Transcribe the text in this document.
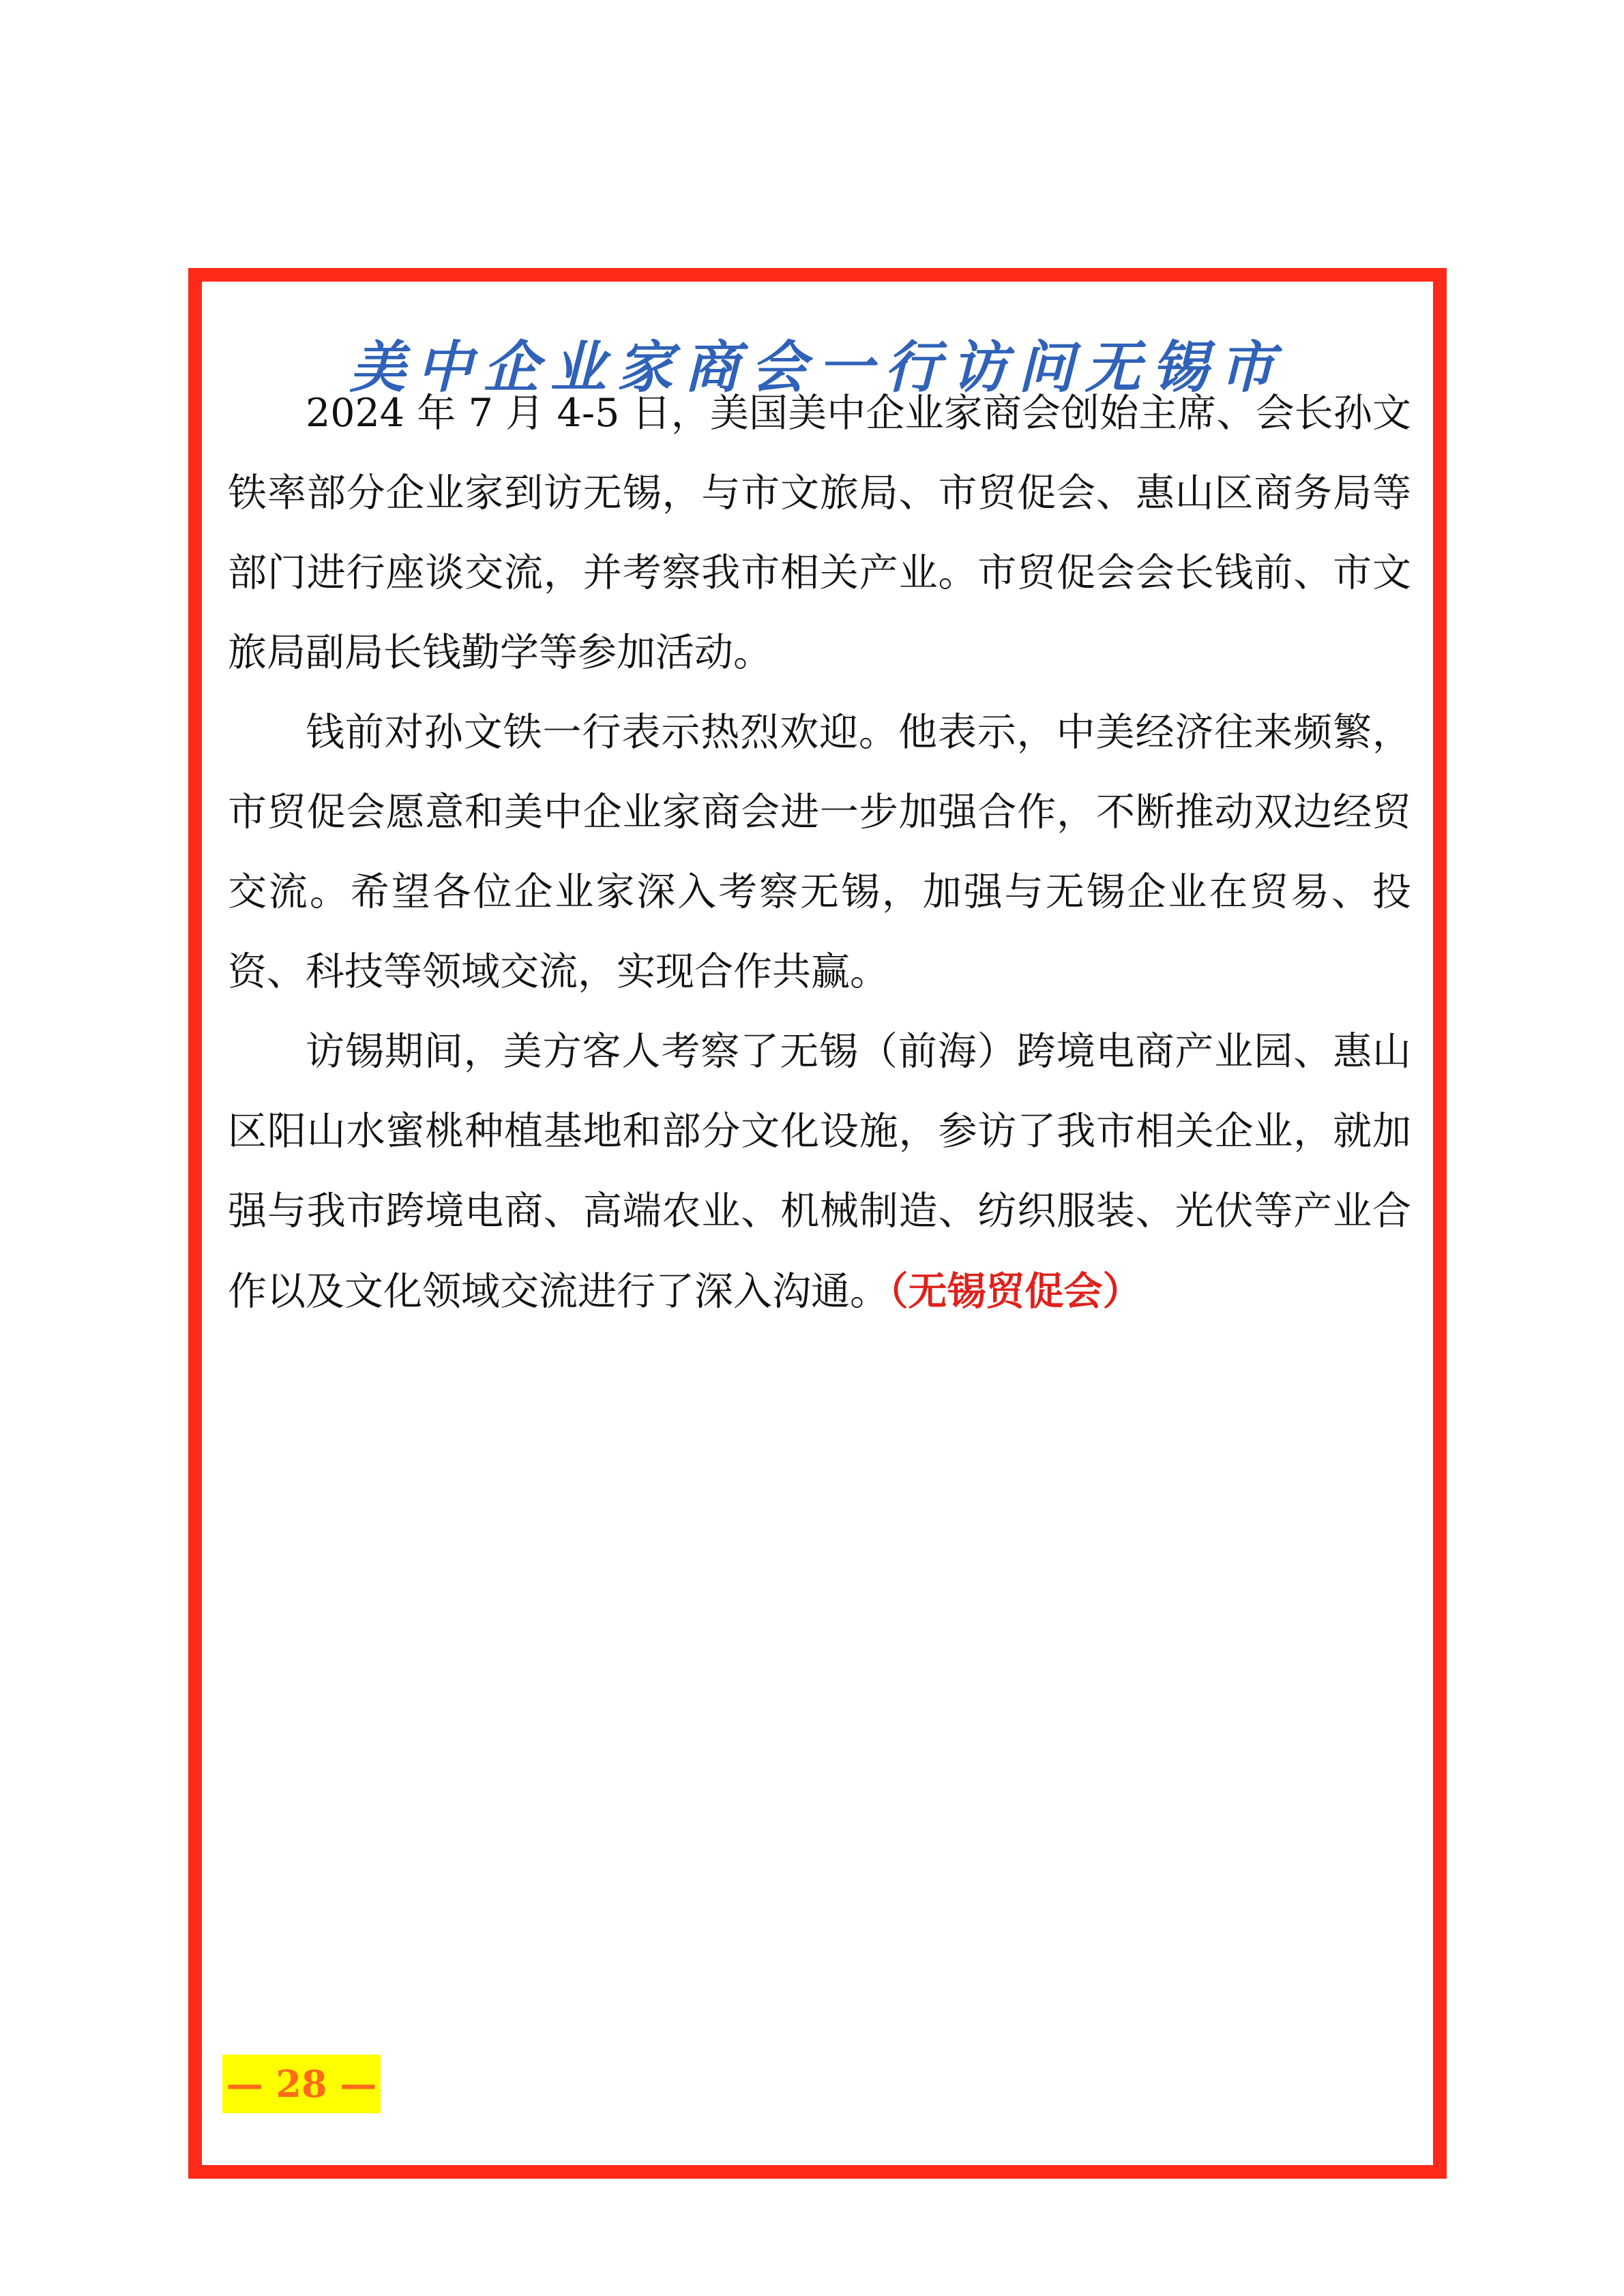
美中企业家商会一行访问无锡市

2024 年 7 月 4-5 日，美国美中企业家商会创始主席、会长孙文铁率部分企业家到访无锡，与市文旅局、市贸促会、惠山区商务局等部门进行座谈交流，并考察我市相关产业。市贸促会会长钱前、市文旅局副局长钱勤学等参加活动。

钱前对孙文铁一行表示热烈欢迎。他表示，中美经济往来频繁，市贸促会愿意和美中企业家商会进一步加强合作，不断推动双边经贸交流。希望各位企业家深入考察无锡，加强与无锡企业在贸易、投资、科技等领域交流，实现合作共赢。

访锡期间，美方客人考察了无锡（前海）跨境电商产业园、惠山区阳山水蜜桃种植基地和部分文化设施，参访了我市相关企业，就加强与我市跨境电商、高端农业、机械制造、纺织服装、光伏等产业合作以及文化领域交流进行了深入沟通。（无锡贸促会）

— 28 —
